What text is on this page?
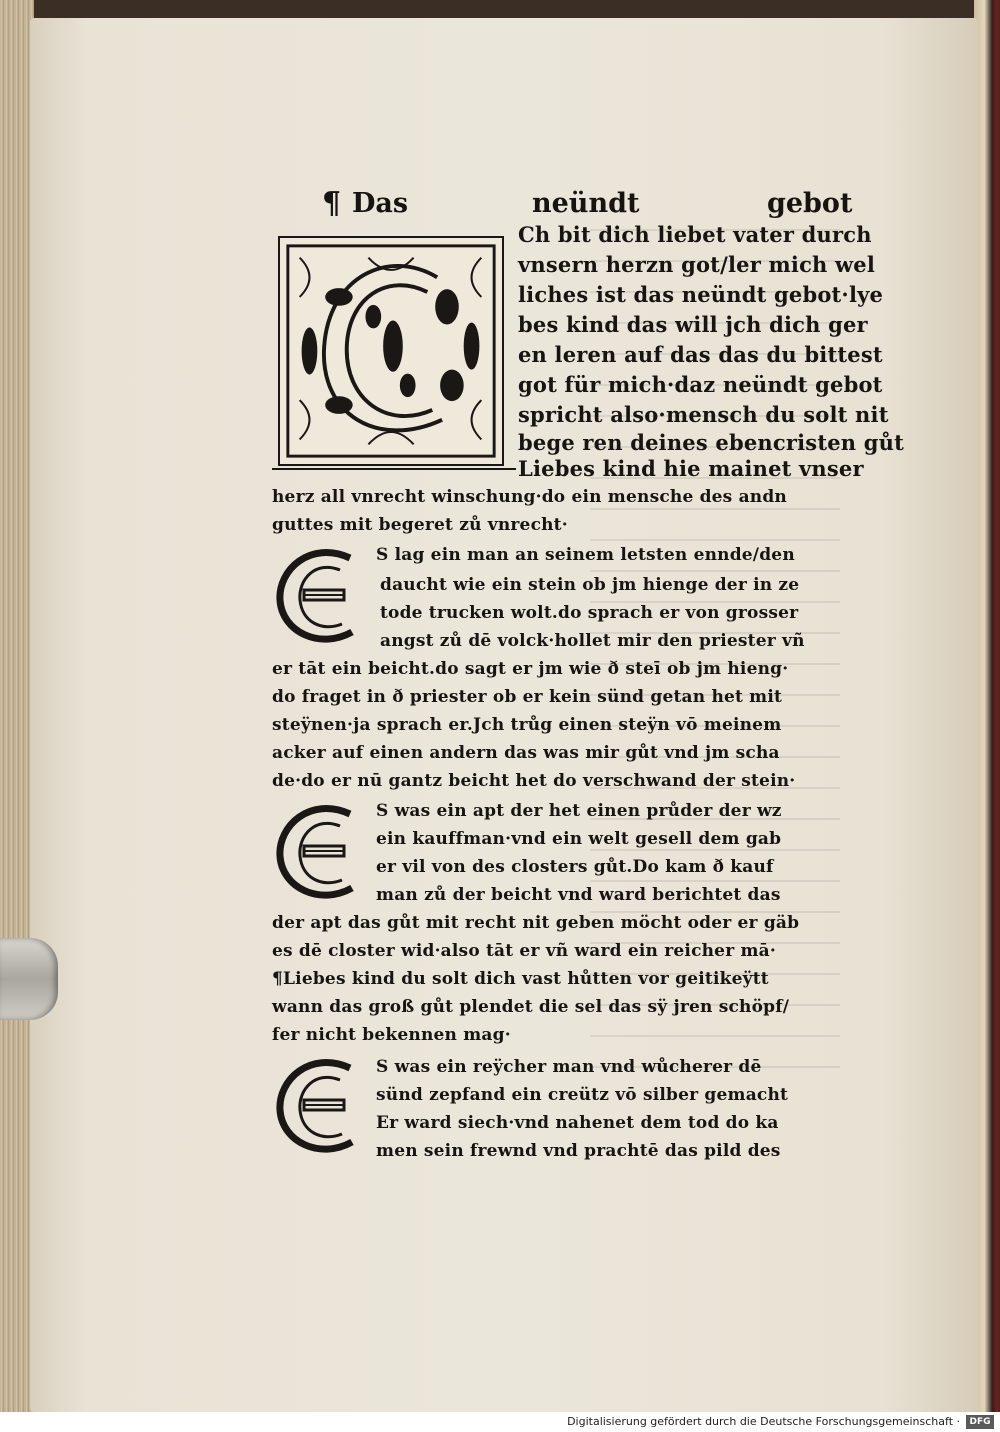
¶ Das	neündt	gebot
Ch bit dich liebet vater durch
vnsern herzn got/ler mich wel
liches ist das neündt gebot·lye
bes kind das will jch dich ger
en leren auf das das du bittest
got für mich·daz neündt gebot
spricht also·mensch du solt nit
bege ren deines ebencristen gůt
Liebes kind hie mainet vnser
herz all vnrecht winschung·do ein mensche des andn
guttes mit begeret zů vnrecht·
S lag ein man an seinem letsten ennde/den
daucht wie ein stein ob jm hienge der in ze
tode trucken wolt.do sprach er von grosser
angst zů dē volck·hollet mir den priester vñ
er tāt ein beicht.do sagt er jm wie ð steī ob jm hieng·
do fraget in ð priester ob er kein sünd getan het mit
steÿnen·ja sprach er.Jch trůg einen steÿn vō meinem
acker auf einen andern das was mir gůt vnd jm scha
de·do er nū gantz beicht het do verschwand der stein·
S was ein apt der het einen průder der wz
ein kauffman·vnd ein welt gesell dem gab
er vil von des closters gůt.Do kam ð kauf
man zů der beicht vnd ward berichtet das
der apt das gůt mit recht nit geben möcht oder er gäb
es dē closter wid·also tāt er vñ ward ein reicher mā·
¶Liebes kind du solt dich vast hůtten vor geitikeÿtt
wann das groß gůt plendet die sel das sÿ jren schöpf/
fer nicht bekennen mag·
S was ein reÿcher man vnd wůcherer dē
sünd zepfand ein creütz vō silber gemacht
Er ward siech·vnd nahenet dem tod do ka
men sein frewnd vnd prachtē das pild des
Digitalisierung gefördert durch die Deutsche Forschungsgemeinschaft ·	DFG
